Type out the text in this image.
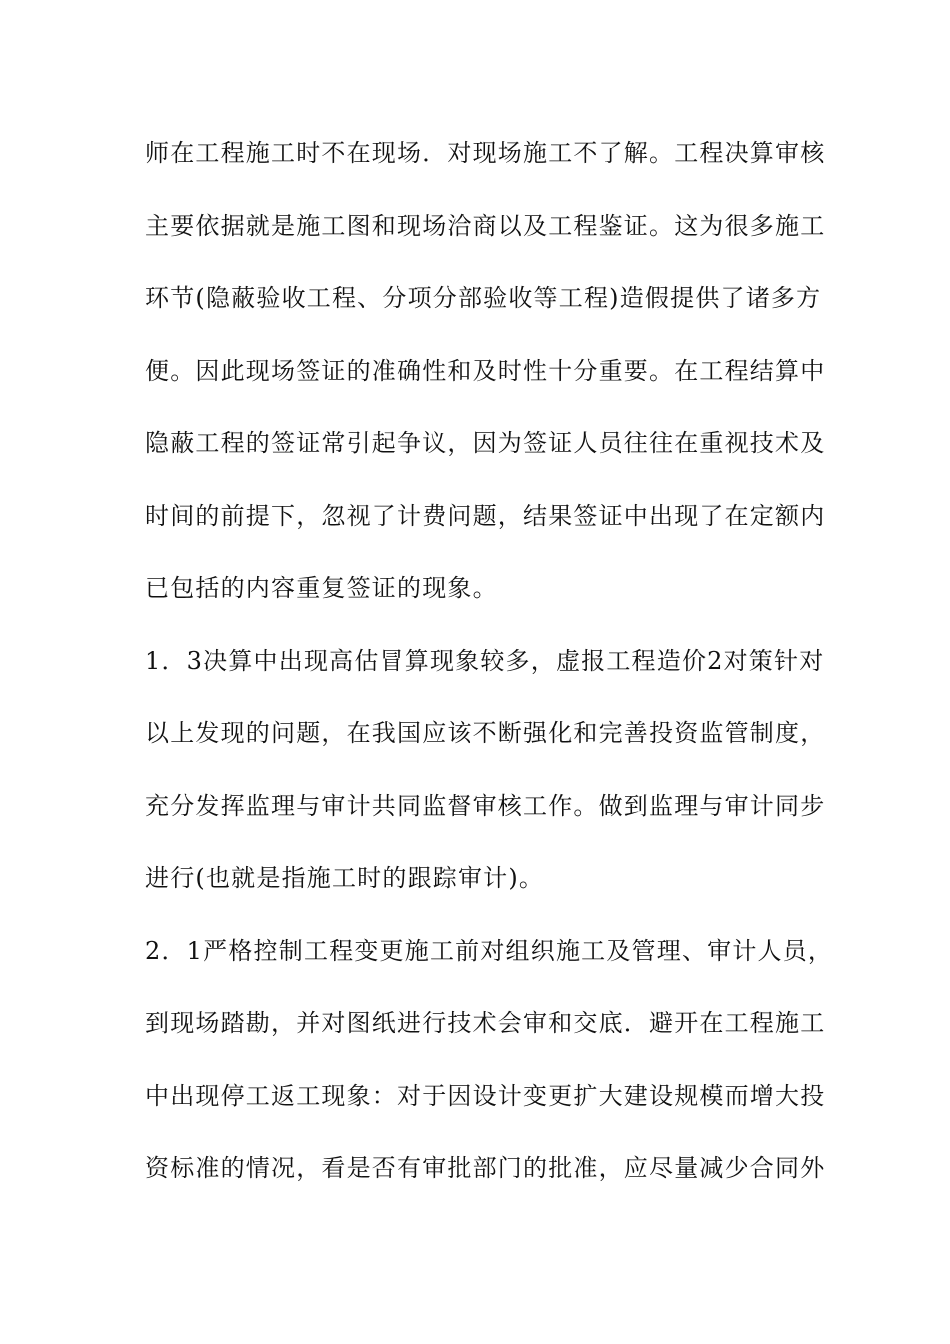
师在工程施工时不在现场．对现场施工不了解。工程决算审核
主要依据就是施工图和现场洽商以及工程鉴证。这为很多施工
环节(隐蔽验收工程、分项分部验收等工程)造假提供了诸多方
便。因此现场签证的准确性和及时性十分重要。在工程结算中
隐蔽工程的签证常引起争议，因为签证人员往往在重视技术及
时间的前提下，忽视了计费问题，结果签证中出现了在定额内
已包括的内容重复签证的现象。
1．3决算中出现高估冒算现象较多，虚报工程造价2对策针对
以上发现的问题，在我国应该不断强化和完善投资监管制度，
充分发挥监理与审计共同监督审核工作。做到监理与审计同步
进行(也就是指施工时的跟踪审计)。
2．1严格控制工程变更施工前对组织施工及管理、审计人员，
到现场踏勘，并对图纸进行技术会审和交底．避开在工程施工
中出现停工返工现象：对于因设计变更扩大建设规模而增大投
资标准的情况，看是否有审批部门的批准，应尽量减少合同外
